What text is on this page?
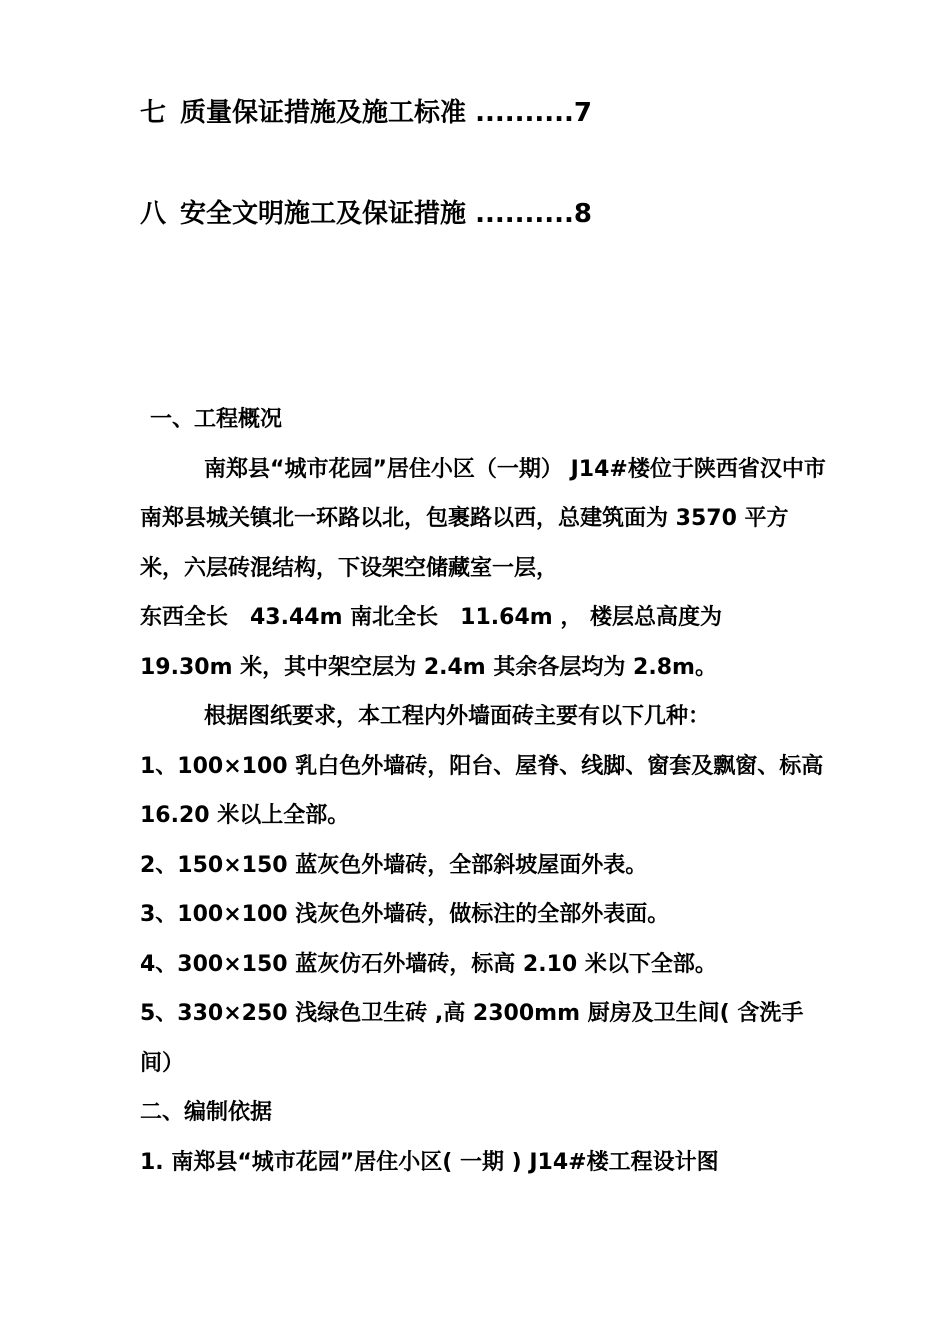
七 质量保证措施及施工标准 ..........7
八 安全文明施工及保证措施 ..........8

一、工程概况

南郑县“城市花园”居住小区（一期） J14#楼位于陕西省汉中市南郑县城关镇北一环路以北，包裹路以西，总建筑面为 3570 平方米，六层砖混结构，下设架空储藏室一层，

东西全长　43.44m 南北全长　11.64m ， 楼层总高度为

19.30m 米，其中架空层为 2.4m 其余各层均为 2.8m。

根据图纸要求，本工程内外墙面砖主要有以下几种：

1、100×100 乳白色外墙砖，阳台、屋脊、线脚、窗套及飘窗、标高 16.20 米以上全部。

2、150×150 蓝灰色外墙砖，全部斜坡屋面外表。

3、100×100 浅灰色外墙砖，做标注的全部外表面。

4、300×150 蓝灰仿石外墙砖，标高 2.10 米以下全部。

5、330×250 浅绿色卫生砖 ,高 2300mm 厨房及卫生间( 含洗手间）

二、编制依据

1. 南郑县“城市花园”居住小区( 一期 ) J14#楼工程设计图
